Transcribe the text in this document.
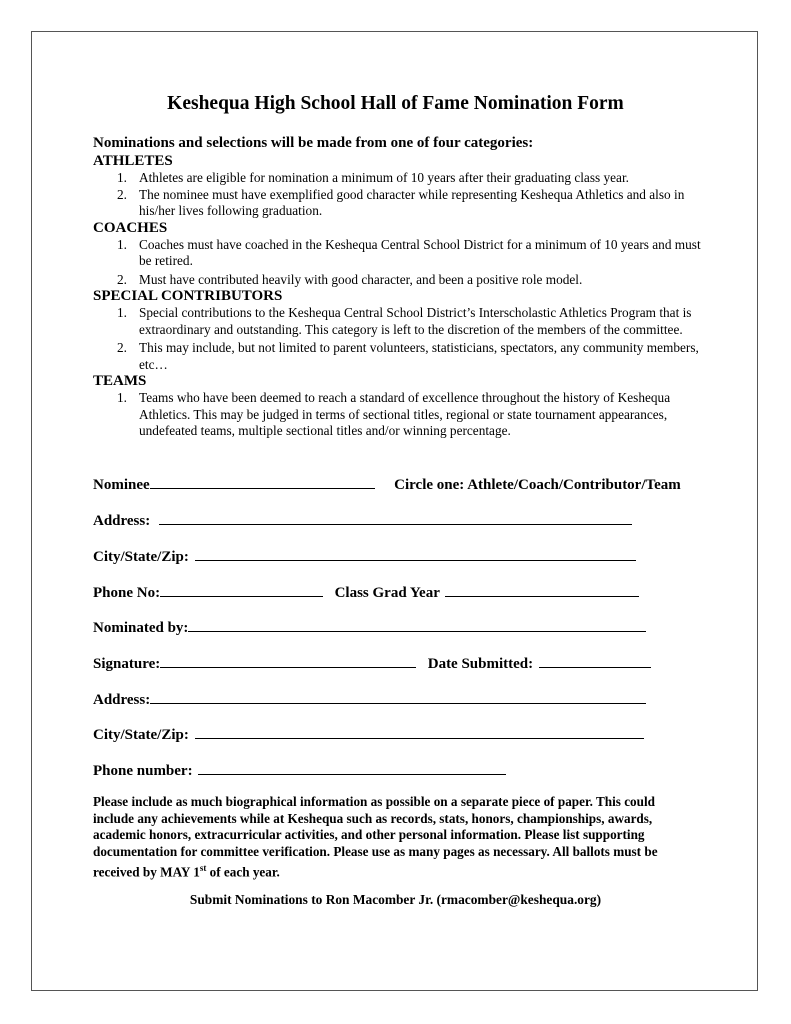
Keshequa High School Hall of Fame Nomination Form

Nominations and selections will be made from one of four categories:

ATHLETES

1. Athletes are eligible for nomination a minimum of 10 years after their graduating class year.
2. The nominee must have exemplified good character while representing Keshequa Athletics and also in his/her lives following graduation.

COACHES

1. Coaches must have coached in the Keshequa Central School District for a minimum of 10 years and must be retired.
2. Must have contributed heavily with good character, and been a positive role model.

SPECIAL CONTRIBUTORS

1. Special contributions to the Keshequa Central School District’s Interscholastic Athletics Program that is extraordinary and outstanding. This category is left to the discretion of the members of the committee.
2. This may include, but not limited to parent volunteers, statisticians, spectators, any community members, etc…

TEAMS

1. Teams who have been deemed to reach a standard of excellence throughout the history of Keshequa Athletics. This may be judged in terms of sectional titles, regional or state tournament appearances, undefeated teams, multiple sectional titles and/or winning percentage.
Nominee	Circle one: Athlete/Coach/Contributor/Team
Address:
City/State/Zip:
Phone No:	Class Grad Year
Nominated by:
Signature:	Date Submitted:
Address:
City/State/Zip:
Phone number:

Please include as much biographical information as possible on a separate piece of paper. This could include any achievements while at Keshequa such as records, stats, honors, championships, awards, academic honors, extracurricular activities, and other personal information. Please list supporting documentation for committee verification. Please use as many pages as necessary. All ballots must be received by MAY 1st of each year.

Submit Nominations to Ron Macomber Jr. (rmacomber@keshequa.org)
